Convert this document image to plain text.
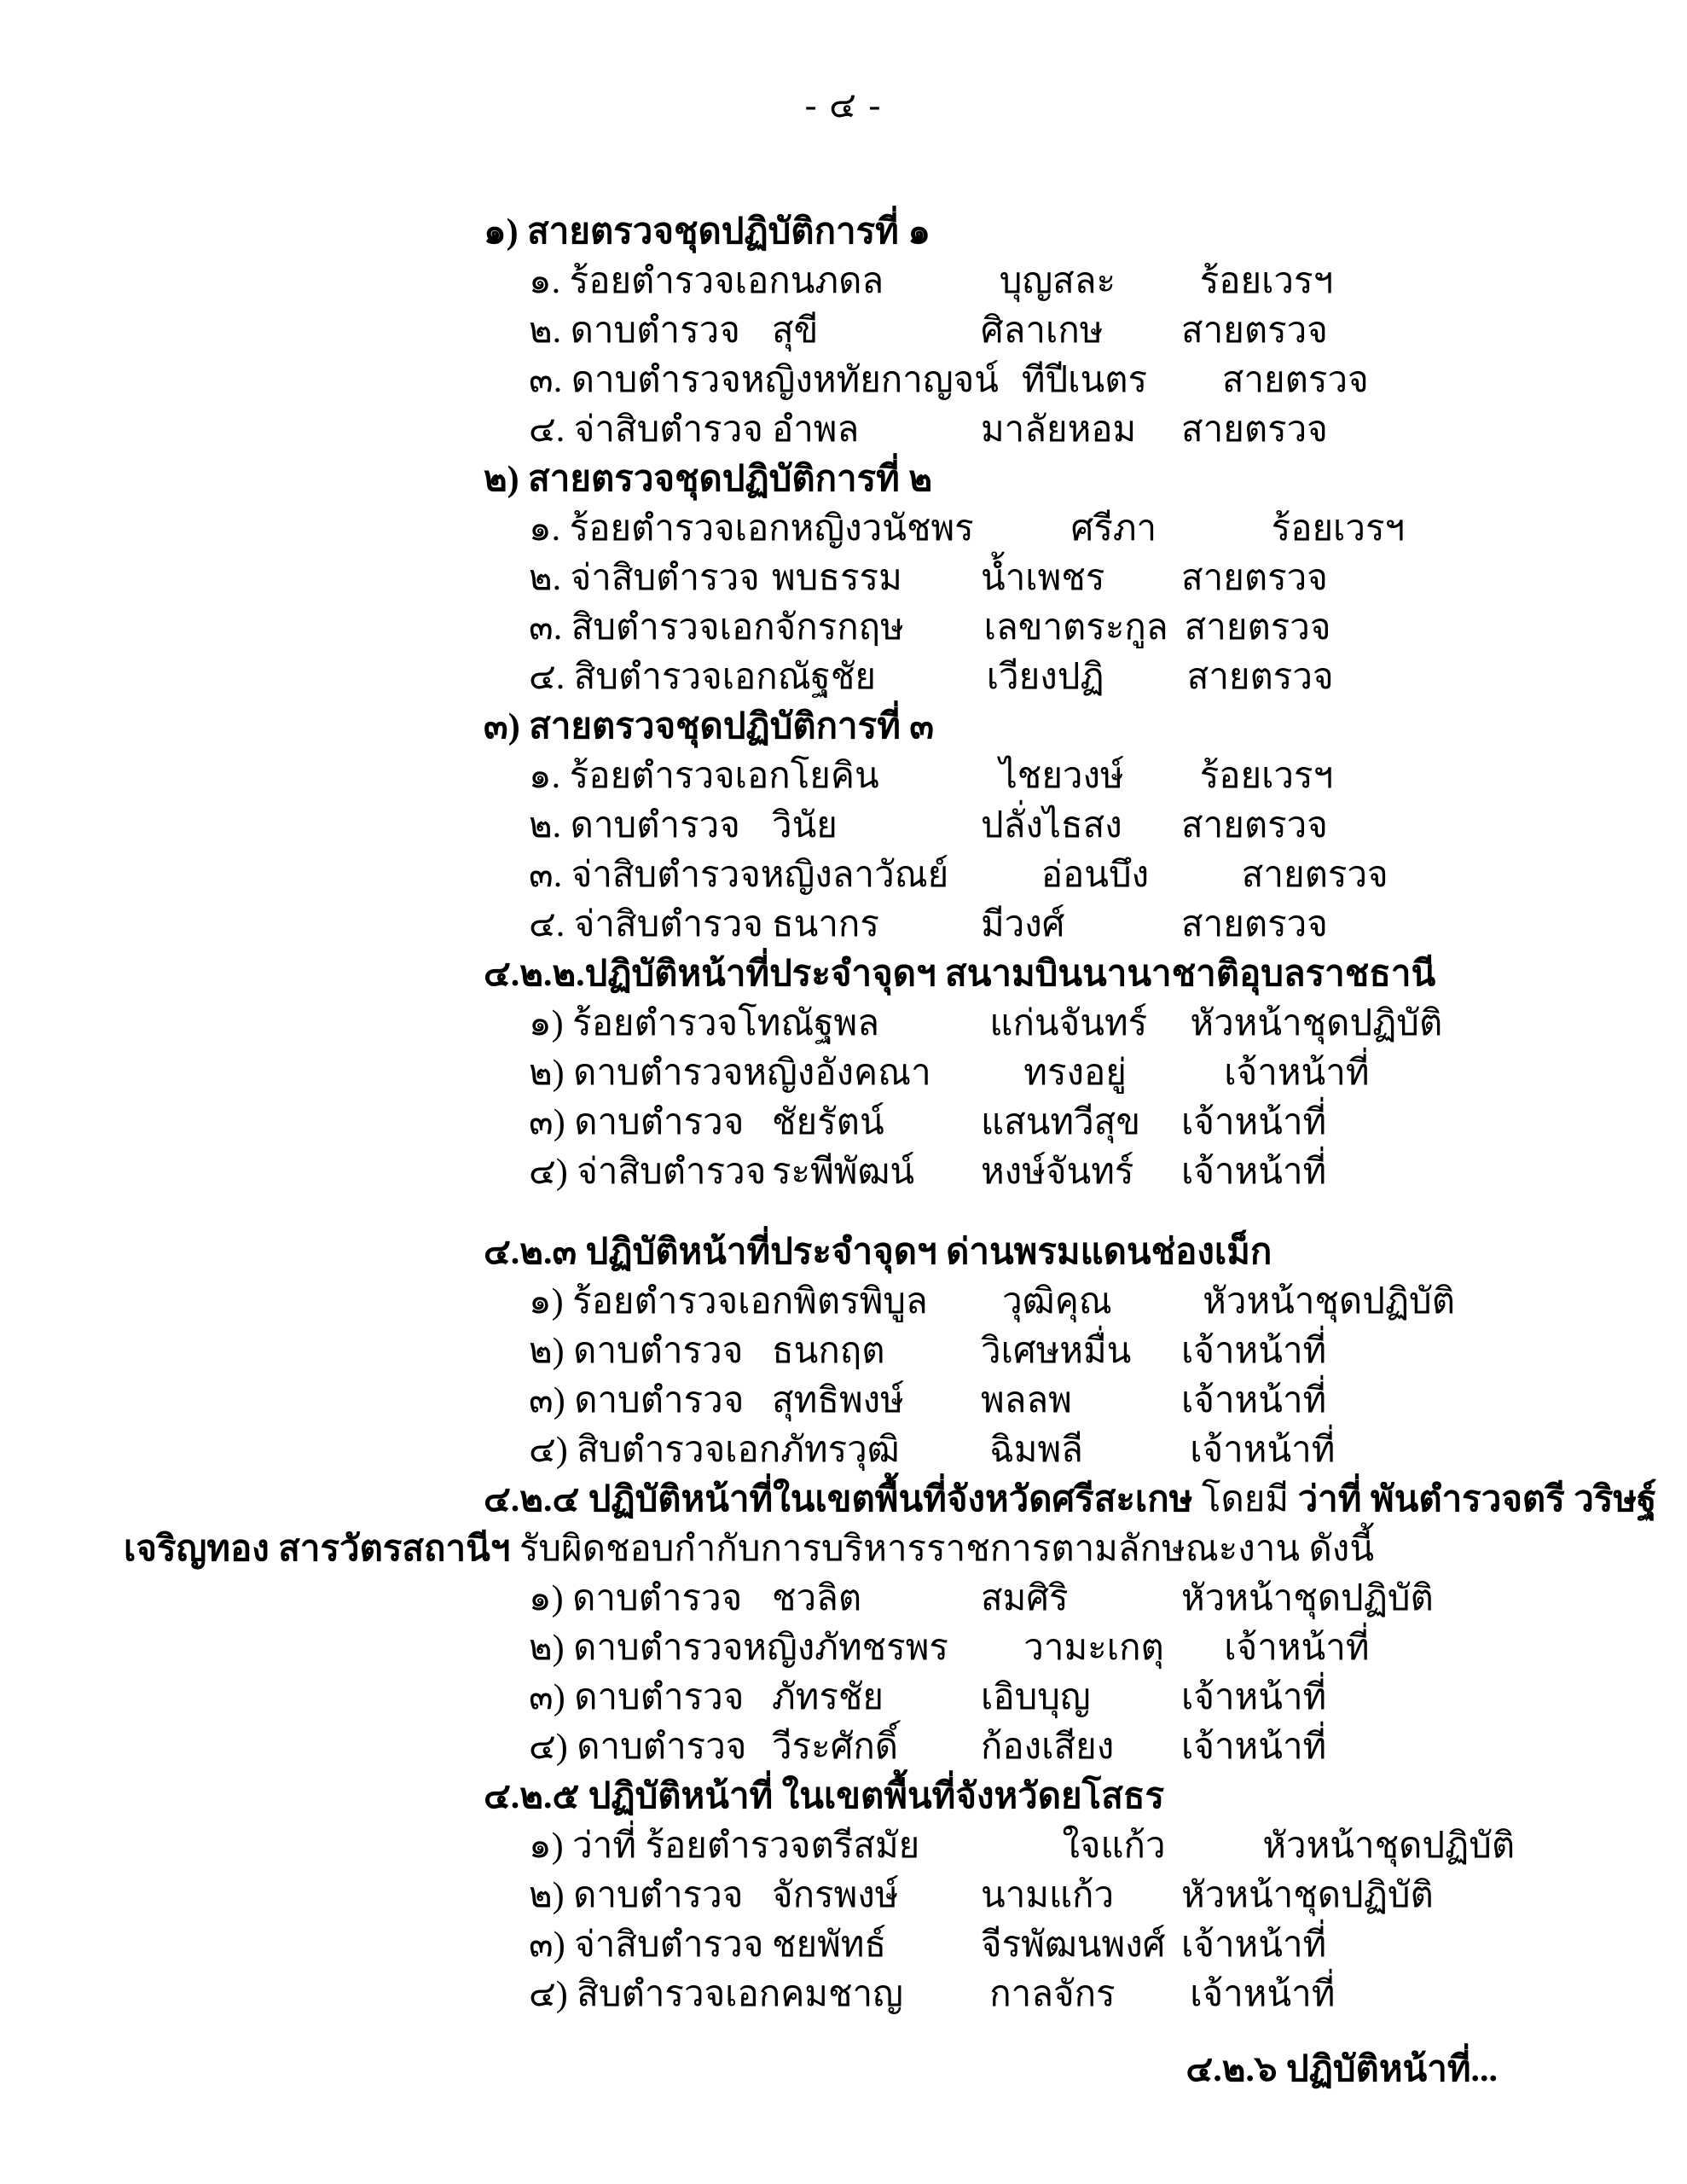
- ๔ -
๑) สายตรวจชุดปฏิบัติการที่ ๑
๑. ร้อยตำรวจเอก นภดล	บุญสละ	ร้อยเวรฯ
๒. ดาบตำรวจ สุขี	ศิลาเกษ	สายตรวจ
๓. ดาบตำรวจหญิง หทัยกาญจน์ ทีปีเนตร	สายตรวจ
๔. จ่าสิบตำรวจ อำพล	มาลัยหอม	สายตรวจ
๒) สายตรวจชุดปฏิบัติการที่ ๒
๑. ร้อยตำรวจเอกหญิง วนัชพร	ศรีภา	ร้อยเวรฯ
๒. จ่าสิบตำรวจ พบธรรม	น้ำเพชร	สายตรวจ
๓. สิบตำรวจเอก จักรกฤษ	เลขาตระกูล สายตรวจ
๔. สิบตำรวจเอก ณัฐชัย	เวียงปฏิ	สายตรวจ
๓) สายตรวจชุดปฏิบัติการที่ ๓
๑. ร้อยตำรวจเอก โยคิน	ไชยวงษ์	ร้อยเวรฯ
๒. ดาบตำรวจ วินัย	ปลั่งไธสง	สายตรวจ
๓. จ่าสิบตำรวจหญิง ลาวัณย์	อ่อนบึง	สายตรวจ
๔. จ่าสิบตำรวจ ธนากร	มีวงศ์	สายตรวจ
๔.๒.๒.ปฏิบัติหน้าที่ประจำจุดฯ สนามบินนานาชาติอุบลราชธานี
๑) ร้อยตำรวจโท ณัฐพล	แก่นจันทร์	หัวหน้าชุดปฏิบัติ
๒) ดาบตำรวจหญิง อังคณา	ทรงอยู่	เจ้าหน้าที่
๓) ดาบตำรวจ ชัยรัตน์	แสนทวีสุข	เจ้าหน้าที่
๔) จ่าสิบตำรวจ ระพีพัฒน์	หงษ์จันทร์	เจ้าหน้าที่
๔.๒.๓ ปฏิบัติหน้าที่ประจำจุดฯ ด่านพรมแดนช่องเม็ก
๑) ร้อยตำรวจเอก พิตรพิบูล	วุฒิคุณ	หัวหน้าชุดปฏิบัติ
๒) ดาบตำรวจ ธนกฤต	วิเศษหมื่น	เจ้าหน้าที่
๓) ดาบตำรวจ สุทธิพงษ์	พลลพ	เจ้าหน้าที่
๔) สิบตำรวจเอก ภัทรวุฒิ	ฉิมพลี	เจ้าหน้าที่
๔.๒.๔ ปฏิบัติหน้าที่ในเขตพื้นที่จังหวัดศรีสะเกษ โดยมี ว่าที่ พันตำรวจตรี วริษฐ์
เจริญทอง สารวัตรสถานีฯ รับผิดชอบกำกับการบริหารราชการตามลักษณะงาน ดังนี้
๑) ดาบตำรวจ ชวลิต	สมศิริ	หัวหน้าชุดปฏิบัติ
๒) ดาบตำรวจหญิง ภัทชรพร	วามะเกตุ	เจ้าหน้าที่
๓) ดาบตำรวจ ภัทรชัย	เอิบบุญ	เจ้าหน้าที่
๔) ดาบตำรวจ วีระศักดิ์	ก้องเสียง	เจ้าหน้าที่
๔.๒.๕ ปฏิบัติหน้าที่ ในเขตพื้นที่จังหวัดยโสธร
๑) ว่าที่ ร้อยตำรวจตรี สมัย	ใจแก้ว	หัวหน้าชุดปฏิบัติ
๒) ดาบตำรวจ จักรพงษ์	นามแก้ว	หัวหน้าชุดปฏิบัติ
๓) จ่าสิบตำรวจ ชยพัทธ์	จีรพัฒนพงศ์ เจ้าหน้าที่
๔) สิบตำรวจเอก คมชาญ	กาลจักร	เจ้าหน้าที่
๔.๒.๖ ปฏิบัติหน้าที่...
